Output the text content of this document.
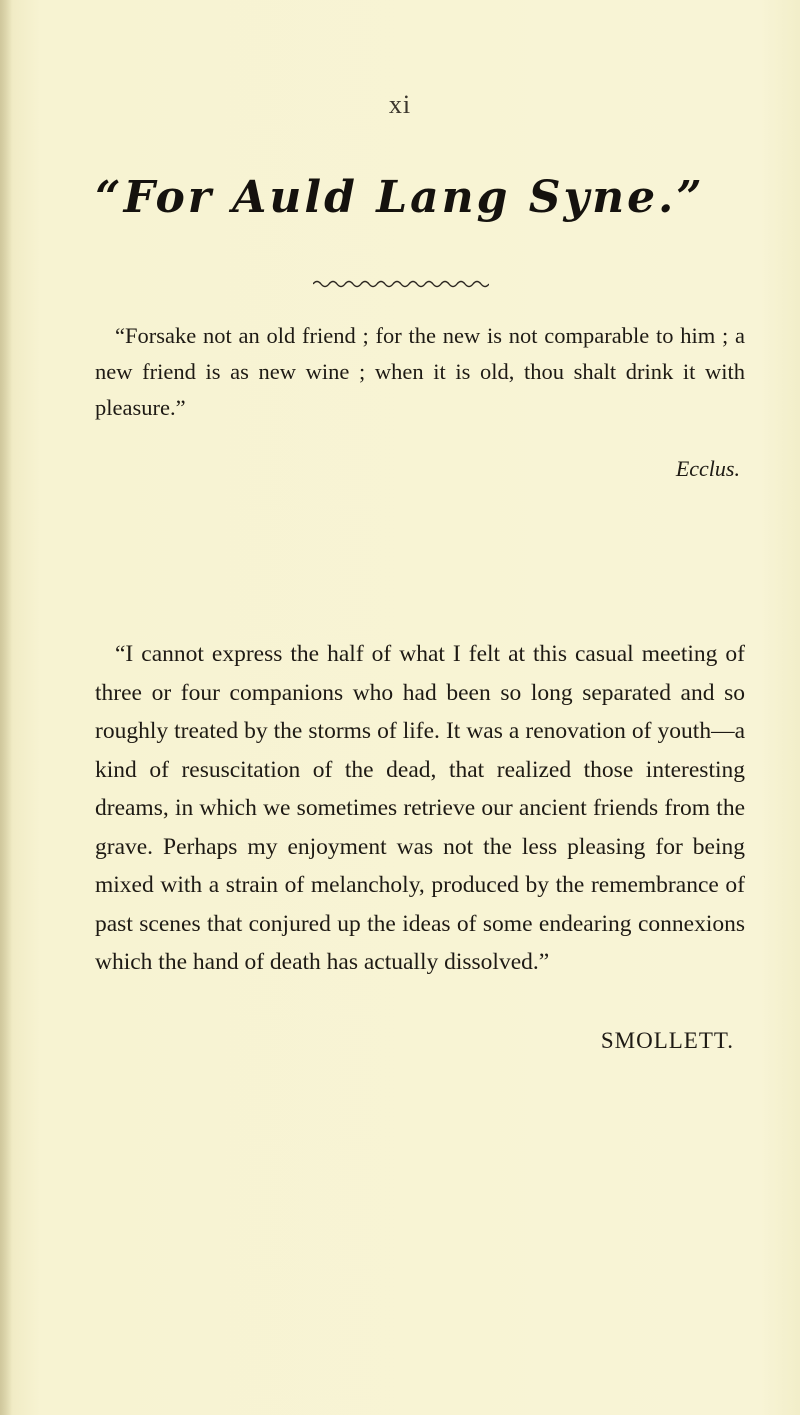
xi
“For Auld Lang Syne.”

“Forsake not an old friend ; for the new is not comparable to him ; a new friend is as new wine ; when it is old, thou shalt drink it with pleasure.”

Ecclus.

“I cannot express the half of what I felt at this casual meeting of three or four companions who had been so long separated and so roughly treated by the storms of life. It was a renovation of youth—a kind of resuscitation of the dead, that realized those interesting dreams, in which we sometimes retrieve our ancient friends from the grave. Perhaps my enjoyment was not the less pleasing for being mixed with a strain of melancholy, produced by the remembrance of past scenes that conjured up the ideas of some endearing connexions which the hand of death has actually dissolved.”

SMOLLETT.
